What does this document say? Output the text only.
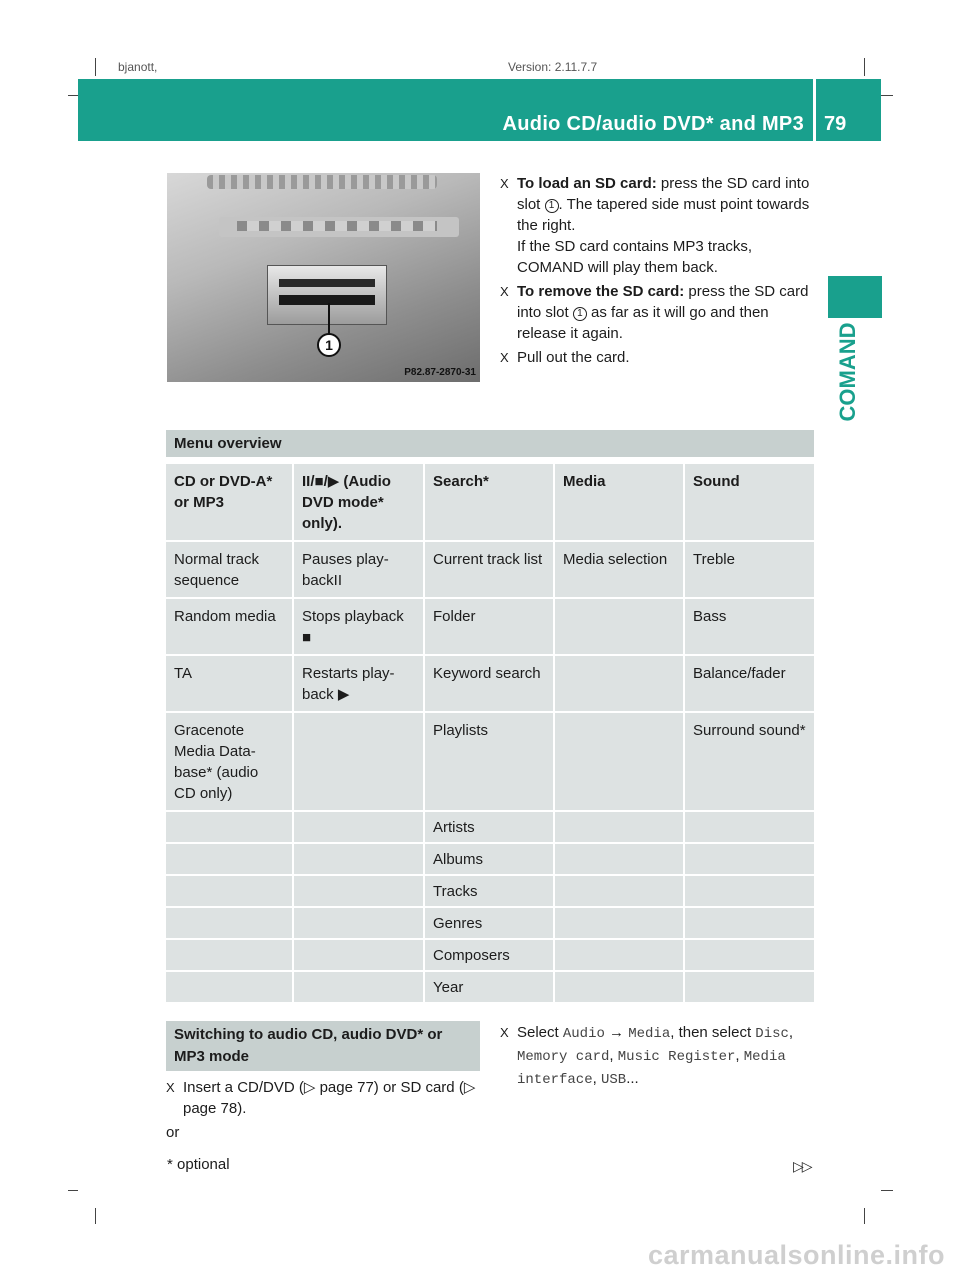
bjanott,	Version: 2.11.7.7
Audio CD/audio DVD* and MP3 79
COMAND
1
P82.87-2870-31
X To load an SD card: press the SD card into slot 1 . The tapered side must point towards the right.
If the SD card contains MP3 tracks, COMAND will play them back.
X To remove the SD card: press the SD card into slot 1 as far as it will go and then release it again.
X Pull out the card.
Menu overview
CD or DVD-A* or MP3	II/■/▶ (Audio DVD mode* only).	Search*	Media	Sound
Normal track sequence	Pauses play-backII	Current track list	Media selection	Treble
Random media	Stops playback ■	Folder		Bass
TA	Restarts play-back ▶	Keyword search		Balance/fader
Gracenote Media Data-base* (audio CD only)		Playlists		Surround sound*
		Artists		
		Albums		
		Tracks		
		Genres		
		Composers		
		Year		
Switching to audio CD, audio DVD* or MP3 mode
X Insert a CD/DVD (▷ page 77) or SD card (▷ page 78).
or
X Select Audio → Media, then select Disc, Memory card, Music Register, Media interface, USB...
* optional	▷▷
carmanualsonline.info
